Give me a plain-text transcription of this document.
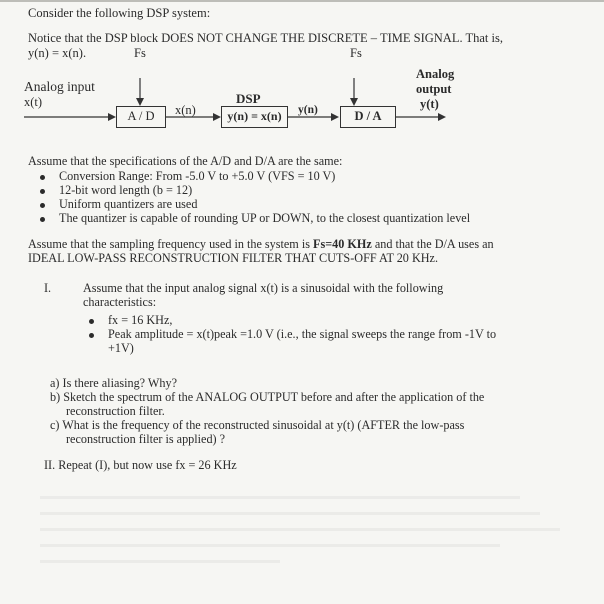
Consider the following DSP system:
Notice that the DSP block DOES NOT CHANGE THE DISCRETE – TIME SIGNAL. That is,
y(n) = x(n).	Fs	Fs
Analog input
x(t)
A / D	x(n)
DSP
y(n) = x(n)	y(n)	D / A
Analog
output
y(t)
Assume that the specifications of the A/D and D/A are the same:
Conversion Range: From -5.0 V to +5.0 V (VFS = 10 V)
12-bit word length (b = 12)
Uniform quantizers are used
The quantizer is capable of rounding UP or DOWN, to the closest quantization level
Assume that the sampling frequency used in the system is Fs=40 KHz and that the D/A uses an
IDEAL LOW-PASS RECONSTRUCTION FILTER THAT CUTS-OFF AT 20 KHz.
I.	Assume that the input analog signal x(t) is a sinusoidal with the following
characteristics:
fx = 16 KHz,
Peak amplitude = x(t)peak =1.0 V (i.e., the signal sweeps the range from -1V to
+1V)
a) Is there aliasing? Why?
b) Sketch the spectrum of the ANALOG OUTPUT before and after the application of the
reconstruction filter.
c) What is the frequency of the reconstructed sinusoidal at y(t) (AFTER the low-pass
reconstruction filter is applied) ?
II. Repeat (I), but now use fx = 26 KHz
